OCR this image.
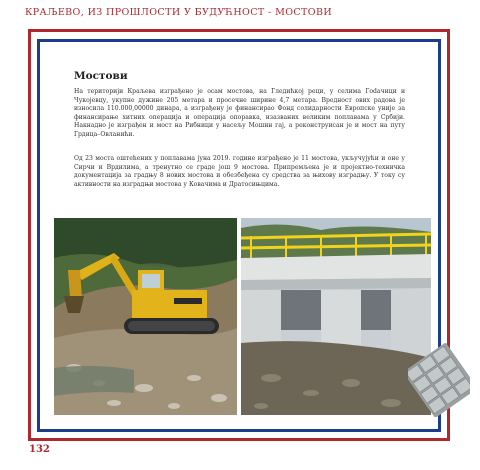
КРАЉЕВО, ИЗ ПРОШЛОСТИ У БУДУЋНОСТ - МОСТОВИ
Мостови
На територији Краљева изграђено је осам мостова, на Гледићкој реци, у селима Гоdачици и Чукојевцу, укупне дужине 205 метара и просечне ширине 4,7 метара. Вредност ових радова је износила 110.000,00000 динара, а изграђену је финансирао Фонд солидарности Европске уније за финансирање хитних операција и операција опоравка, изазваних великим поплавама у Србији. Накнадно је изграђен и мост на Рибници у насељу Мошин гај, а реконструисан је и мост на путу Грдица–Овланићи.
Од 23 моста оштећених у поплавама јуна 2019. године изграђено је 11 мостова, укључујући и оне у Сирчи и Врдилима, а тренутно се граде још 9 мостова. Припремљена је и пројектно-техничка документација за градњу 8 нових мостова и обезбеђена су средства за њихову изградњу. У току су активности на изградњи мостова у Ковачима и Дратосињцима.
132
